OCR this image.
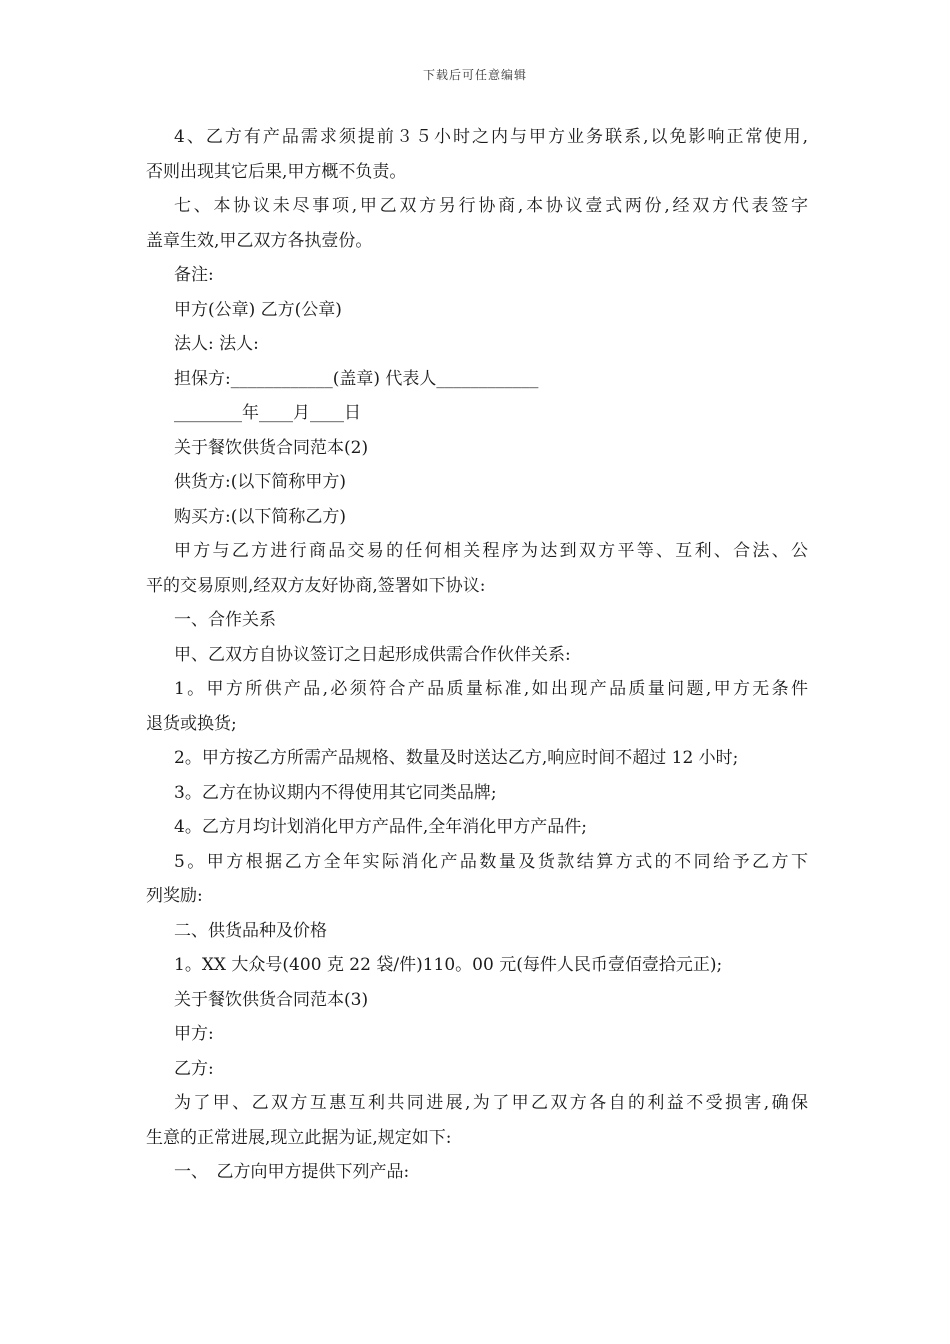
下载后可任意编辑
4、乙方有产品需求须提前３５小时之内与甲方业务联系,以免影响正常使用,
否则出现其它后果,甲方概不负责。
七、本协议未尽事项,甲乙双方另行协商,本协议壹式两份,经双方代表签字
盖章生效,甲乙双方各执壹份。
备注:
甲方(公章) 乙方(公章)
法人: 法人:
担保方:____________(盖章) 代表人____________
________年____月____日
关于餐饮供货合同范本(2)
供货方:(以下简称甲方)
购买方:(以下简称乙方)
甲方与乙方进行商品交易的任何相关程序为达到双方平等、互利、合法、公
平的交易原则,经双方友好协商,签署如下协议:
一、合作关系
甲、乙双方自协议签订之日起形成供需合作伙伴关系:
1。甲方所供产品,必须符合产品质量标准,如出现产品质量问题,甲方无条件
退货或换货;
2。甲方按乙方所需产品规格、数量及时送达乙方,响应时间不超过 12 小时;
3。乙方在协议期内不得使用其它同类品牌;
4。乙方月均计划消化甲方产品件,全年消化甲方产品件;
5。甲方根据乙方全年实际消化产品数量及货款结算方式的不同给予乙方下
列奖励:
二、供货品种及价格
1。XX 大众号(400 克 22 袋/件)110。00 元(每件人民币壹佰壹拾元正);
关于餐饮供货合同范本(3)
甲方:
乙方:
为了甲、乙双方互惠互利共同进展,为了甲乙双方各自的利益不受损害,确保
生意的正常进展,现立此据为证,规定如下:
一、　乙方向甲方提供下列产品:
